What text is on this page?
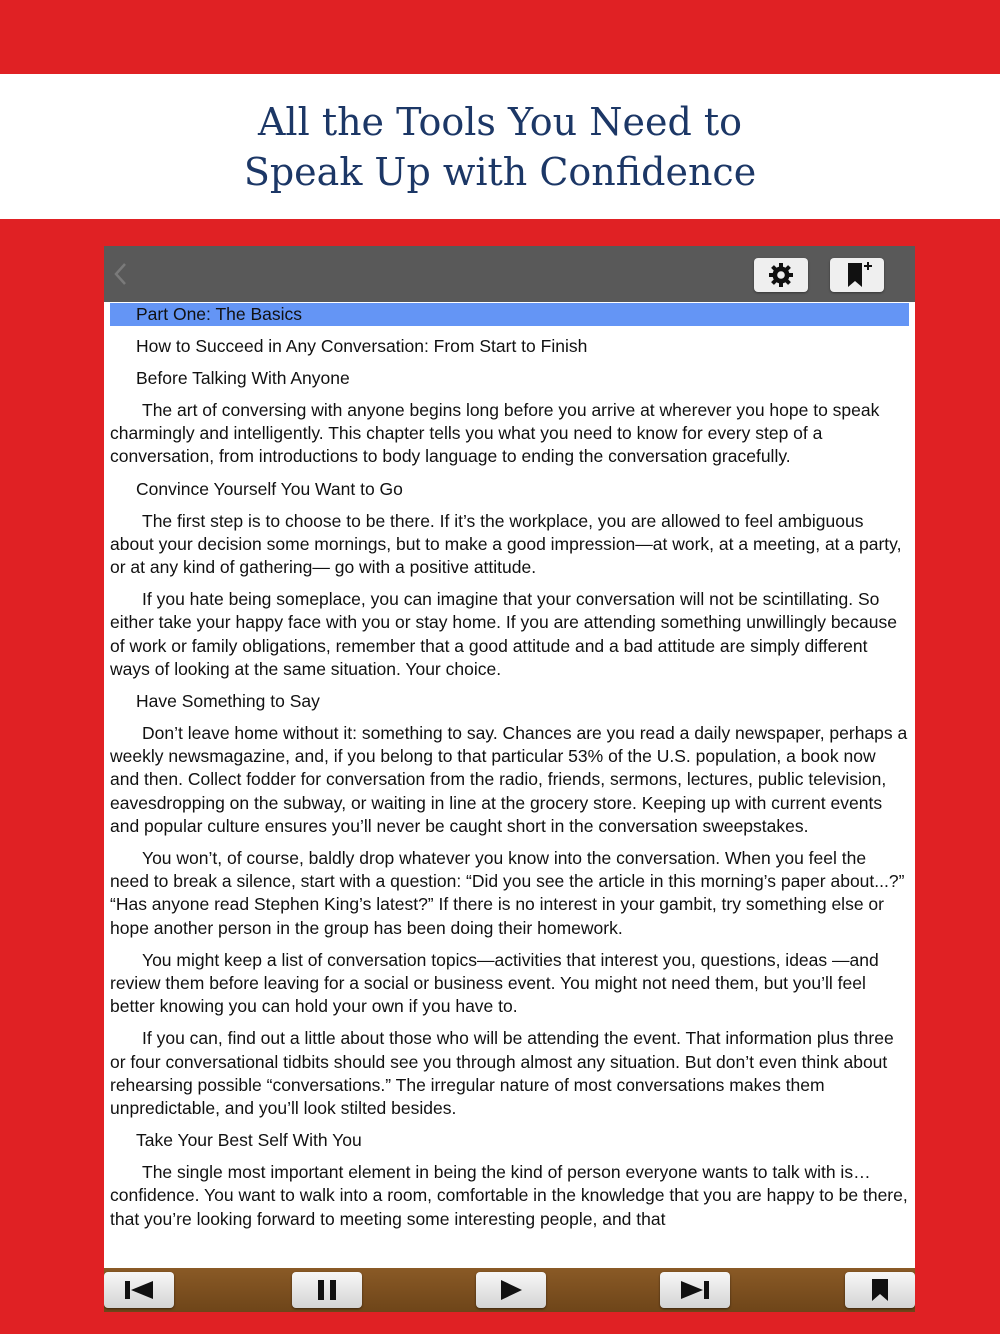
All the Tools You Need to
Speak Up with Confidence
Part One: The Basics
How to Succeed in Any Conversation: From Start to Finish
Before Talking With Anyone
The art of conversing with anyone begins long before you arrive at wherever you hope to speak charmingly and intelligently. This chapter tells you what you need to know for every step of a conversation, from introductions to body language to ending the conversation gracefully.
Convince Yourself You Want to Go
The first step is to choose to be there. If it’s the workplace, you are allowed to feel ambiguous about your decision some mornings, but to make a good impression—at work, at a meeting, at a party, or at any kind of gathering— go with a positive attitude.
If you hate being someplace, you can imagine that your conversation will not be scintillating. So either take your happy face with you or stay home. If you are attending something unwillingly because of work or family obligations, remember that a good attitude and a bad attitude are simply different ways of looking at the same situation. Your choice.
Have Something to Say
Don’t leave home without it: something to say. Chances are you read a daily newspaper, perhaps a weekly newsmagazine, and, if you belong to that particular 53% of the U.S. population, a book now and then. Collect fodder for conversation from the radio, friends, sermons, lectures, public television, eavesdropping on the subway, or waiting in line at the grocery store. Keeping up with current events and popular culture ensures you’ll never be caught short in the conversation sweepstakes.
You won’t, of course, baldly drop whatever you know into the conversation. When you feel the need to break a silence, start with a question: “Did you see the article in this morning’s paper about...?” “Has anyone read Stephen King’s latest?” If there is no interest in your gambit, try something else or hope another person in the group has been doing their homework.
You might keep a list of conversation topics—activities that interest you, questions, ideas —and review them before leaving for a social or business event. You might not need them, but you’ll feel better knowing you can hold your own if you have to.
If you can, find out a little about those who will be attending the event. That information plus three or four conversational tidbits should see you through almost any situation. But don’t even think about rehearsing possible “conversations.” The irregular nature of most conversations makes them unpredictable, and you’ll look stilted besides.
Take Your Best Self With You
The single most important element in being the kind of person everyone wants to talk with is…confidence. You want to walk into a room, comfortable in the knowledge that you are happy to be there, that you’re looking forward to meeting some interesting people, and that
